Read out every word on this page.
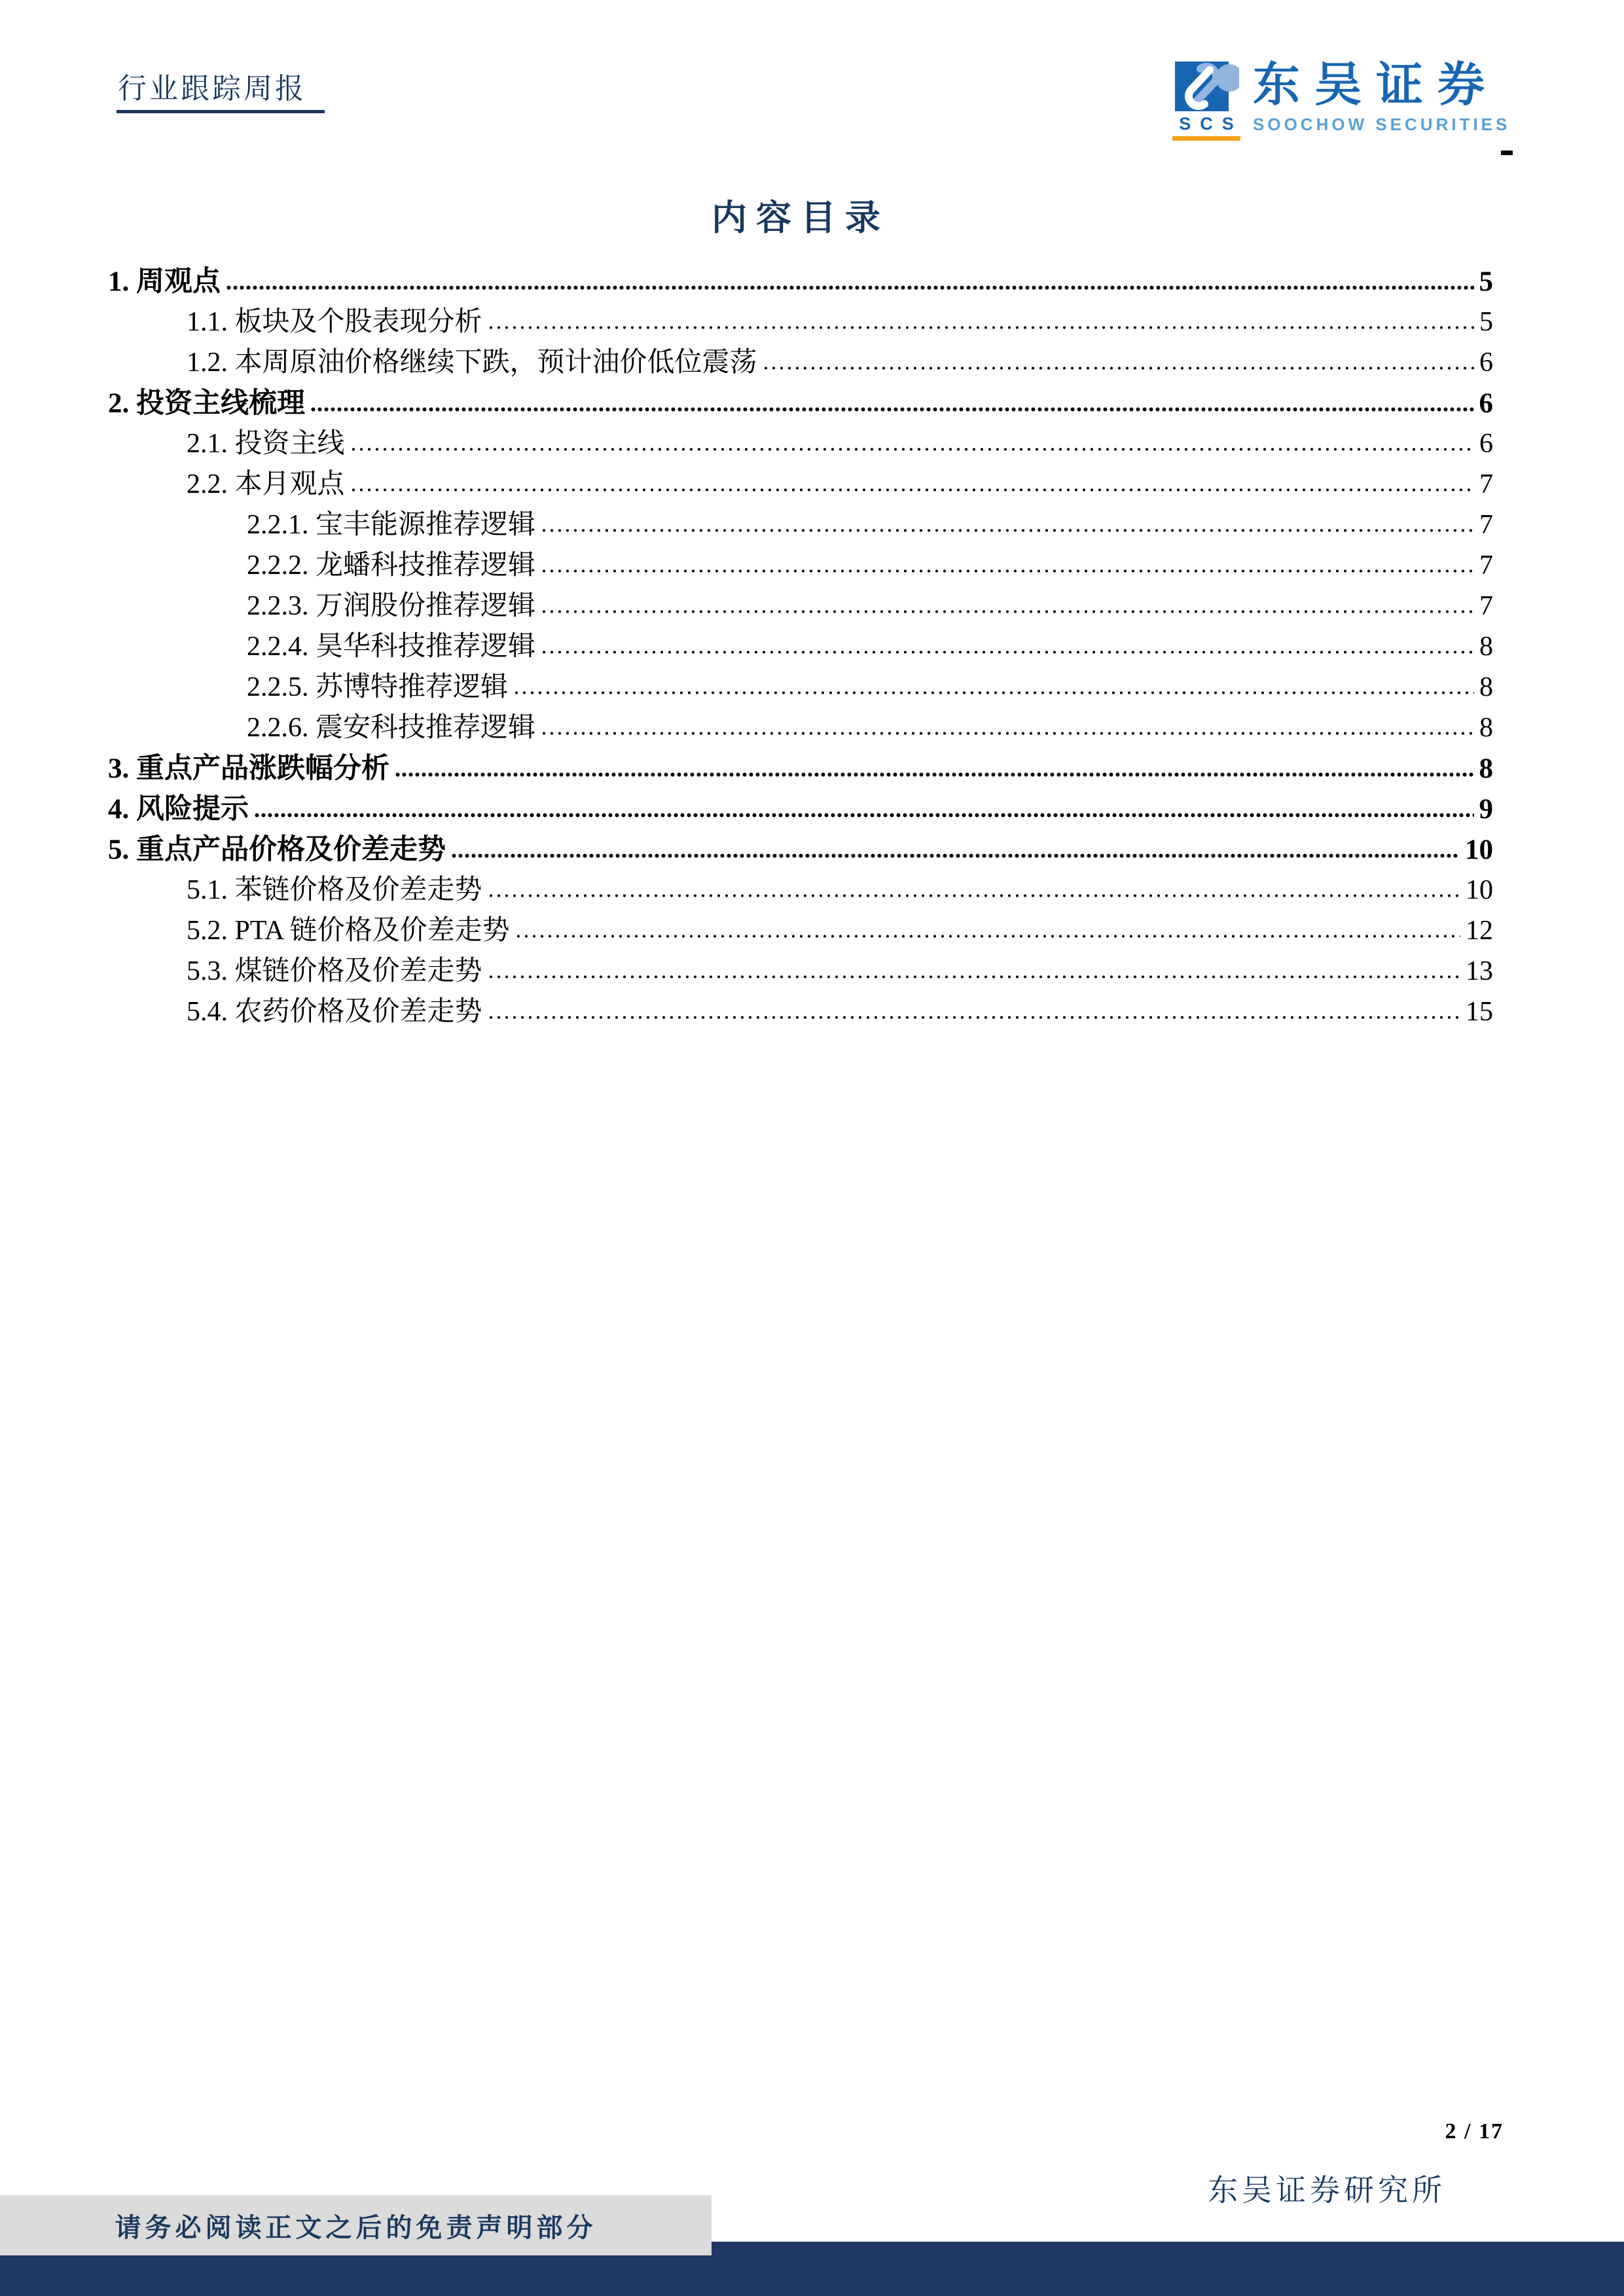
行业跟踪周报
SCS
东吴证券
SOOCHOW SECURITIES
内容目录
1. 周观点	5
1.1. 板块及个股表现分析	5
1.2. 本周原油价格继续下跌，预计油价低位震荡	6
2. 投资主线梳理	6
2.1. 投资主线	6
2.2. 本月观点	7
2.2.1. 宝丰能源推荐逻辑	7
2.2.2. 龙蟠科技推荐逻辑	7
2.2.3. 万润股份推荐逻辑	7
2.2.4. 昊华科技推荐逻辑	8
2.2.5. 苏博特推荐逻辑	8
2.2.6. 震安科技推荐逻辑	8
3. 重点产品涨跌幅分析	8
4. 风险提示	9
5. 重点产品价格及价差走势	10
5.1. 苯链价格及价差走势	10
5.2. PTA 链价格及价差走势	12
5.3. 煤链价格及价差走势	13
5.4. 农药价格及价差走势	15
2 / 17
东吴证券研究所
请务必阅读正文之后的免责声明部分
